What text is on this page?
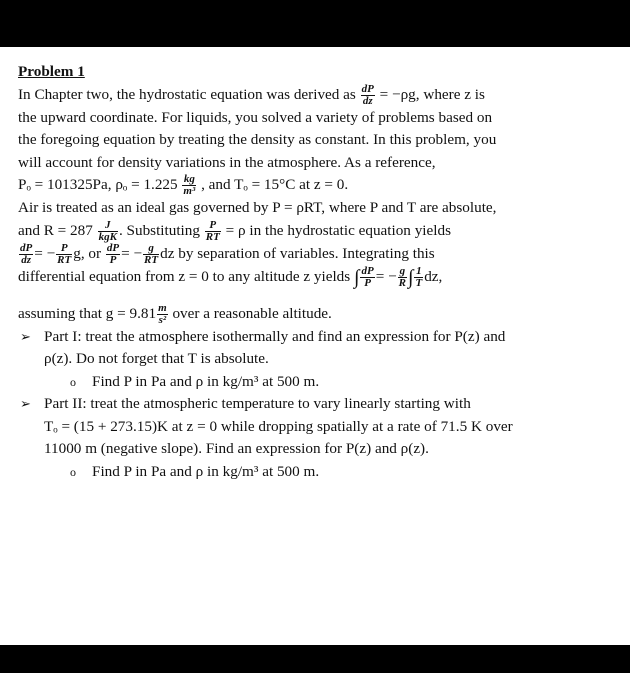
Problem 1
In Chapter two, the hydrostatic equation was derived as $\frac{dP}{dz} = -\rho g$, where z is
the upward coordinate. For liquids, you solved a variety of problems based on
the foregoing equation by treating the density as constant. In this problem, you
will account for density variations in the atmosphere. As a reference,
Pₒ = 101325Pa, $\rho_o = 1.225 \frac{kg}{\text{m³}}$ , and Tₒ = 15°C at z = 0.
Air is treated as an ideal gas governed by P = ρRT, where P and T are absolute,
and $R = 287 \frac{J}{\text{kgK}}$ . Substituting $\frac{P}{RT} = \rho$ in the hydrostatic equation yields
$\frac{dP}{dz}$ = − $\frac{P}{RT} g$, or $\frac{dP}{P}$ = − $\frac{g}{RT}$ dz by separation of variables. Integrating this
differential equation from z = 0 to any altitude z yields ∫ $\frac{dP}{P}$ = − $\frac{g}{R}$ ∫ $\frac{1}{T}$ dz,
assuming that $g = 9.81 \frac{m}{\text{s²}}$ over a reasonable altitude.
➢ Part I: treat the atmosphere isothermally and find an expression for P(z) and
ρ(z). Do not forget that T is absolute.
o Find P in Pa and ρ in kg/m³ at 500 m.
➢ Part II: treat the atmospheric temperature to vary linearly starting with
Tₒ = (15 + 273.15)K at z = 0 while dropping spatially at a rate of 71.5 K over
11000 m (negative slope). Find an expression for P(z) and ρ(z).
o Find P in Pa and ρ in kg/m³ at 500 m.
